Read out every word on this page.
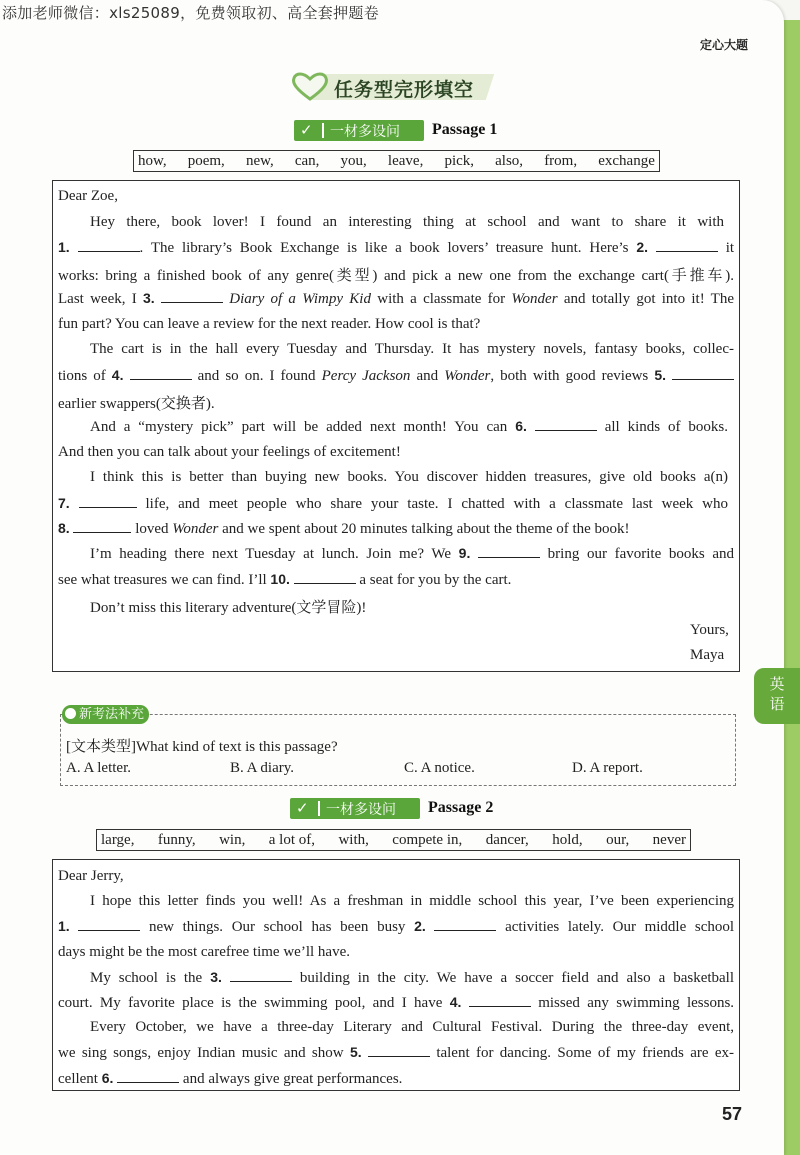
添加老师微信：xls25089，免费领取初、高全套押题卷
定心大题
英
语
任务型完形填空
✓ 一材多设问 Passage 1
how, poem, new, can, you, leave, pick, also, from, exchange
Dear Zoe,
Hey there, book lover! I found an interesting thing at school and want to share it with
1.	. The library’s Book Exchange is like a book lovers’ treasure hunt. Here’s 2.	it
works: bring a finished book of any genre(类型) and pick a new one from the exchange cart(手推车).
Last week, I 3.	Diary of a Wimpy Kid with a classmate for Wonder and totally got into it! The
fun part? You can leave a review for the next reader. How cool is that?
The cart is in the hall every Tuesday and Thursday. It has mystery novels, fantasy books, collec-
tions of 4.	and so on. I found Percy Jackson and Wonder, both with good reviews 5.
earlier swappers(交换者).
And a “mystery pick” part will be added next month! You can 6.	all kinds of books.
And then you can talk about your feelings of excitement!
I think this is better than buying new books. You discover hidden treasures, give old books a(n)
7.	life, and meet people who share your taste. I chatted with a classmate last week who
8.	loved Wonder and we spent about 20 minutes talking about the theme of the book!
I’m heading there next Tuesday at lunch. Join me? We 9.	bring our favorite books and
see what treasures we can find. I’ll 10.	a seat for you by the cart.
Don’t miss this literary adventure(文学冒险)!
Yours,
Maya
新考法补充
[文本类型]What kind of text is this passage?
A. A letter.	B. A diary.	C. A notice.	D. A report.
✓ 一材多设问 Passage 2
large, funny, win, a lot of, with, compete in, dancer, hold, our, never
Dear Jerry,
I hope this letter finds you well! As a freshman in middle school this year, I’ve been experiencing
1.	new things. Our school has been busy 2.	activities lately. Our middle school
days might be the most carefree time we’ll have.
My school is the 3.	building in the city. We have a soccer field and also a basketball
court. My favorite place is the swimming pool, and I have 4.	missed any swimming lessons.
Every October, we have a three-day Literary and Cultural Festival. During the three-day event,
we sing songs, enjoy Indian music and show 5.	talent for dancing. Some of my friends are ex-
cellent 6.	and always give great performances.
57
